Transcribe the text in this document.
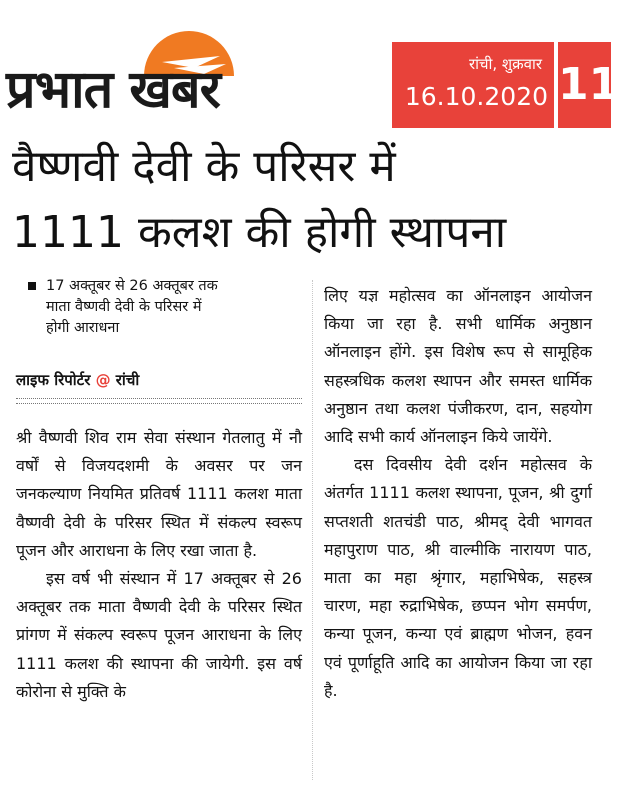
प्रभात खबर	रांची, शुक्रवार
16.10.2020 11
वैष्णवी देवी के परिसर में
1111 कलश की होगी स्थापना
17 अक्तूबर से 26 अक्तूबर तक
माता वैष्णवी देवी के परिसर में
होगी आराधना
लाइफ रिपोर्टर @ रांची

श्री वैष्णवी शिव राम सेवा संस्थान गेतलातु में नौ वर्षों से विजयदशमी के अवसर पर जन जनकल्याण नियमित प्रतिवर्ष 1111 कलश माता वैष्णवी देवी के परिसर स्थित में संकल्प स्वरूप पूजन और आराधना के लिए रखा जाता है.

इस वर्ष भी संस्थान में 17 अक्तूबर से 26 अक्तूबर तक माता वैष्णवी देवी के परिसर स्थित प्रांगण में संकल्प स्वरूप पूजन आराधना के लिए 1111 कलश की स्थापना की जायेगी. इस वर्ष कोरोना से मुक्ति के

लिए यज्ञ महोत्सव का ऑनलाइन आयोजन किया जा रहा है. सभी धार्मिक अनुष्ठान ऑनलाइन होंगे. इस विशेष रूप से सामूहिक सहस्त्रधिक कलश स्थापन और समस्त धार्मिक अनुष्ठान तथा कलश पंजीकरण, दान, सहयोग आदि सभी कार्य ऑनलाइन किये जायेंगे.

दस दिवसीय देवी दर्शन महोत्सव के अंतर्गत 1111 कलश स्थापना, पूजन, श्री दुर्गा सप्तशती शतचंडी पाठ, श्रीमद् देवी भागवत महापुराण पाठ, श्री वाल्मीकि नारायण पाठ, माता का महा श्रृंगार, महाभिषेक, सहस्त्र चारण, महा रुद्राभिषेक, छप्पन भोग समर्पण, कन्या पूजन, कन्या एवं ब्राह्मण भोजन, हवन एवं पूर्णाहूति आदि का आयोजन किया जा रहा है.
